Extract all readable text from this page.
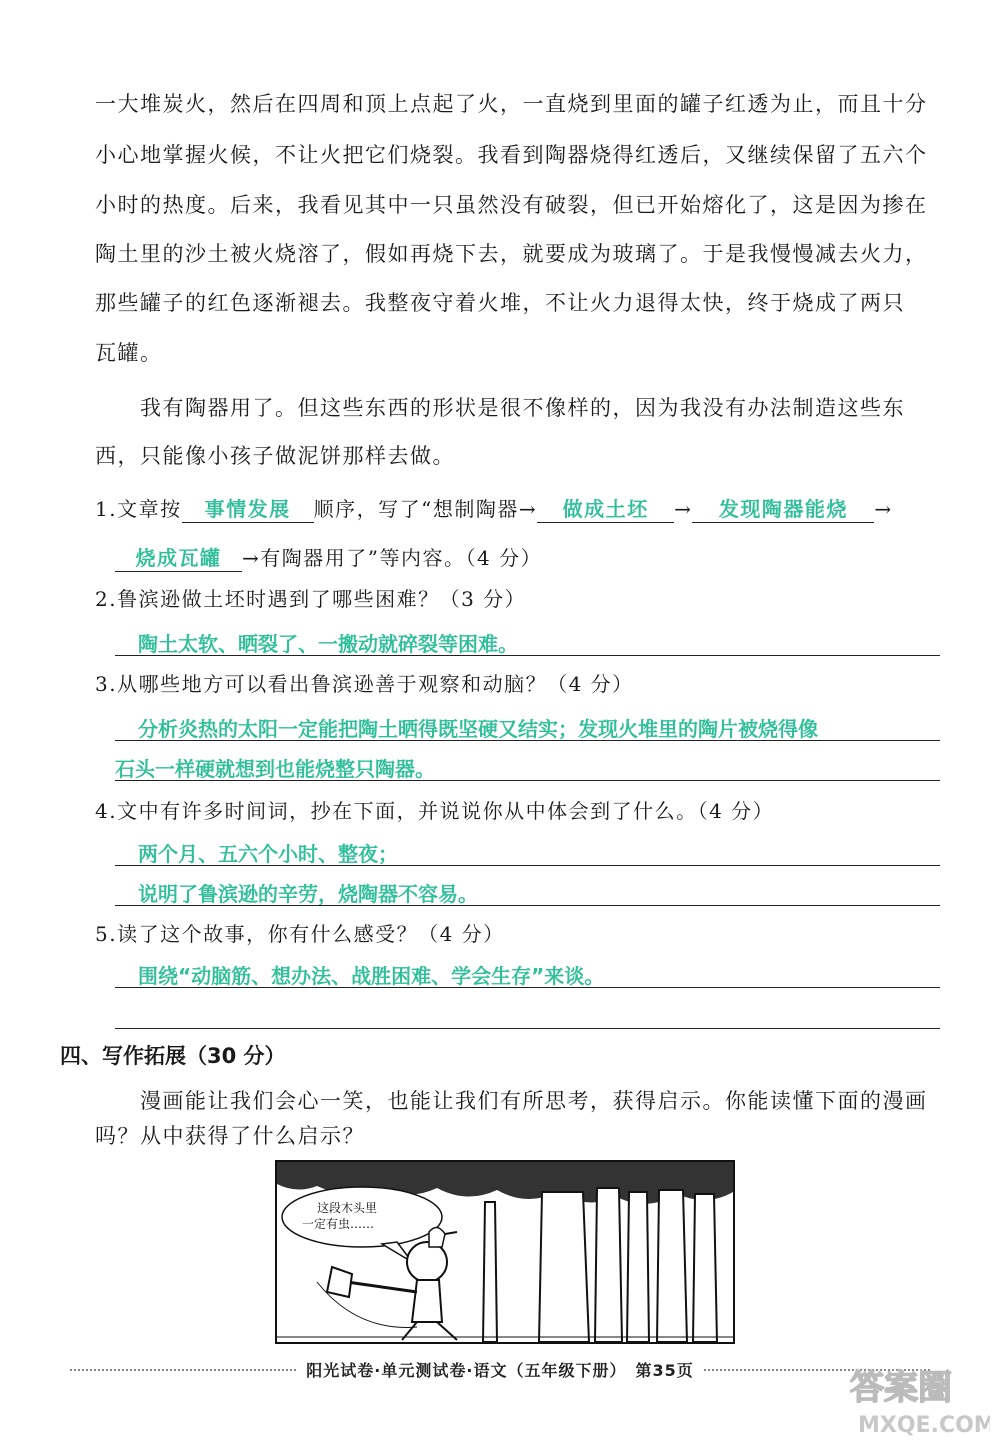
一大堆炭火，然后在四周和顶上点起了火，一直烧到里面的罐子红透为止，而且十分
小心地掌握火候，不让火把它们烧裂。我看到陶器烧得红透后，又继续保留了五六个
小时的热度。后来，我看见其中一只虽然没有破裂，但已开始熔化了，这是因为掺在
陶土里的沙土被火烧溶了，假如再烧下去，就要成为玻璃了。于是我慢慢减去火力，
那些罐子的红色逐渐褪去。我整夜守着火堆，不让火力退得太快，终于烧成了两只
瓦罐。
我有陶器用了。但这些东西的形状是很不像样的，因为我没有办法制造这些东
西，只能像小孩子做泥饼那样去做。
1.文章按 事情发展 顺序，写了“想制陶器→ 做成土坯 → 发现陶器能烧 →
烧成瓦罐 →有陶器用了”等内容。（4 分）
2.鲁滨逊做土坯时遇到了哪些困难？（3 分）
陶土太软、晒裂了、一搬动就碎裂等困难。
3.从哪些地方可以看出鲁滨逊善于观察和动脑？（4 分）
分析炎热的太阳一定能把陶土晒得既坚硬又结实；发现火堆里的陶片被烧得像
石头一样硬就想到也能烧整只陶器。
4.文中有许多时间词，抄在下面，并说说你从中体会到了什么。（4 分）
两个月、五六个小时、整夜；
说明了鲁滨逊的辛劳，烧陶器不容易。
5.读了这个故事，你有什么感受？（4 分）
围绕“动脑筋、想办法、战胜困难、学会生存”来谈。
四、写作拓展（30 分）
漫画能让我们会心一笑，也能让我们有所思考，获得启示。你能读懂下面的漫画
吗？从中获得了什么启示？
这段木头里
一定有虫……
阳光试卷·单元测试卷·语文（五年级下册）　第35页	答案圈
MXQE.COM
